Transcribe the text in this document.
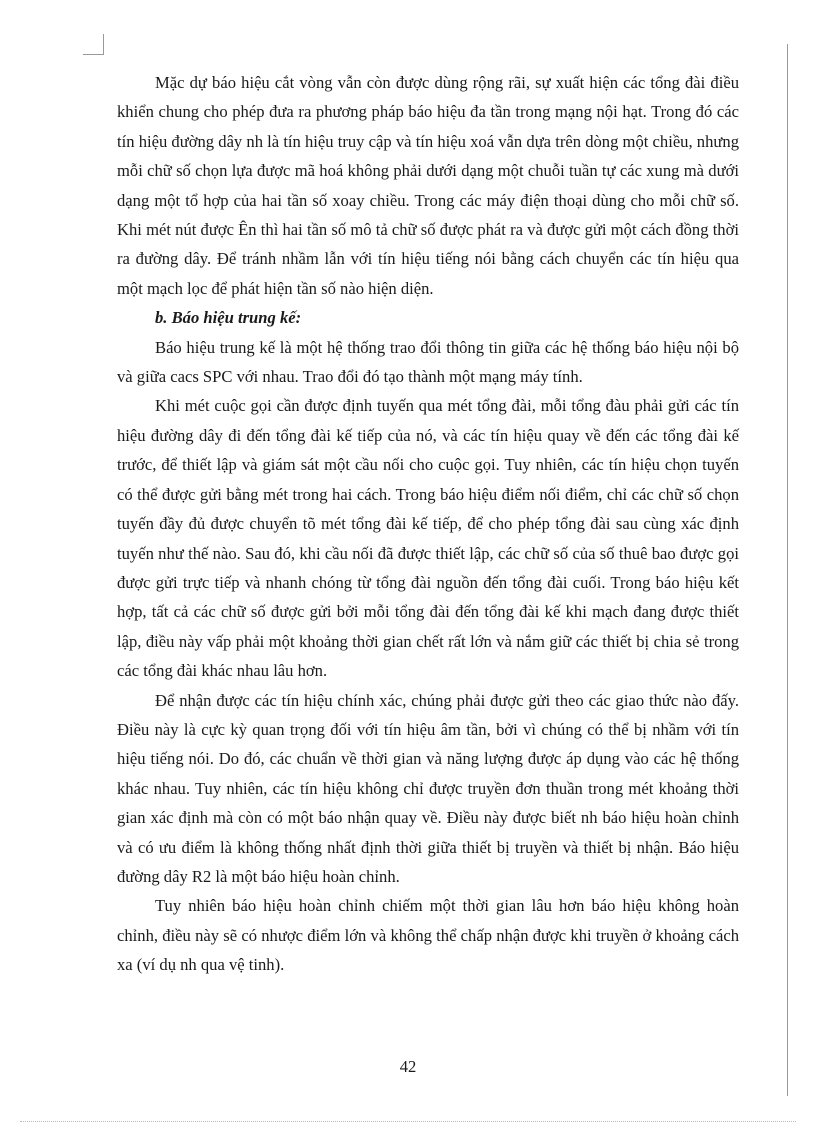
Mặc dự báo hiệu cắt vòng vẫn còn được dùng rộng rãi, sự xuất hiện các tổng đài điều khiển chung cho phép đưa ra phương pháp báo hiệu đa tần trong mạng nội hạt. Trong đó các tín hiệu đường dây nh là tín hiệu truy cập và tín hiệu xoá vẫn dựa trên dòng một chiều, nhưng mỗi chữ số chọn lựa được mã hoá không phải dưới dạng một chuỗi tuần tự các xung mà dưới dạng một tổ hợp của hai tần số xoay chiều. Trong các máy điện thoại dùng cho mỗi chữ số. Khi mét nút được Ên thì hai tần số mô tả chữ số được phát ra và được gửi một cách đồng thời ra đường dây. Để tránh nhầm lẫn với tín hiệu tiếng nói bằng cách chuyển các tín hiệu qua một mạch lọc để phát hiện tần số nào hiện diện.

b. Báo hiệu trung kế:

Báo hiệu trung kế là một hệ thống trao đổi thông tin giữa các hệ thống báo hiệu nội bộ và giữa cacs SPC với nhau. Trao đổi đó tạo thành một mạng máy tính.

Khi mét cuộc gọi cần được định tuyến qua mét tổng đài, mỗi tổng đàu phải gửi các tín hiệu đường dây đi đến tổng đài kế tiếp của nó, và các tín hiệu quay về đến các tổng đài kế trước, để thiết lập và giám sát một cầu nối cho cuộc gọi. Tuy nhiên, các tín hiệu chọn tuyến có thể được gửi bằng mét trong hai cách. Trong báo hiệu điểm nối điểm, chỉ các chữ số chọn tuyến đầy đủ được chuyển tõ mét tổng đài kế tiếp, để cho phép tổng đài sau cùng xác định tuyến như thế nào. Sau đó, khi cầu nối đã được thiết lập, các chữ số của số thuê bao được gọi được gửi trực tiếp và nhanh chóng từ tổng đài nguồn đến tổng đài cuối. Trong báo hiệu kết hợp, tất cả các chữ số được gửi bởi mỗi tổng đài đến tổng đài kế khi mạch đang được thiết lập, điều này vấp phải một khoảng thời gian chết rất lớn và nắm giữ các thiết bị chia sẻ trong các tổng đài khác nhau lâu hơn.

Để nhận được các tín hiệu chính xác, chúng phải được gửi theo các giao thức nào đấy. Điều này là cực kỳ quan trọng đối với tín hiệu âm tần, bởi vì chúng có thể bị nhầm với tín hiệu tiếng nói. Do đó, các chuẩn về thời gian và năng lượng được áp dụng vào các hệ thống khác nhau. Tuy nhiên, các tín hiệu không chỉ được truyền đơn thuần trong mét khoảng thời gian xác định mà còn có một báo nhận quay về. Điều này được biết nh báo hiệu hoàn chỉnh và có ưu điểm là không thống nhất định thời giữa thiết bị truyền và thiết bị nhận. Báo hiệu đường dây R2 là một báo hiệu hoàn chỉnh.

Tuy nhiên báo hiệu hoàn chỉnh chiếm một thời gian lâu hơn báo hiệu không hoàn chỉnh, điều này sẽ có nhược điểm lớn và không thể chấp nhận được khi truyền ở khoảng cách xa (ví dụ nh qua vệ tinh).

42
